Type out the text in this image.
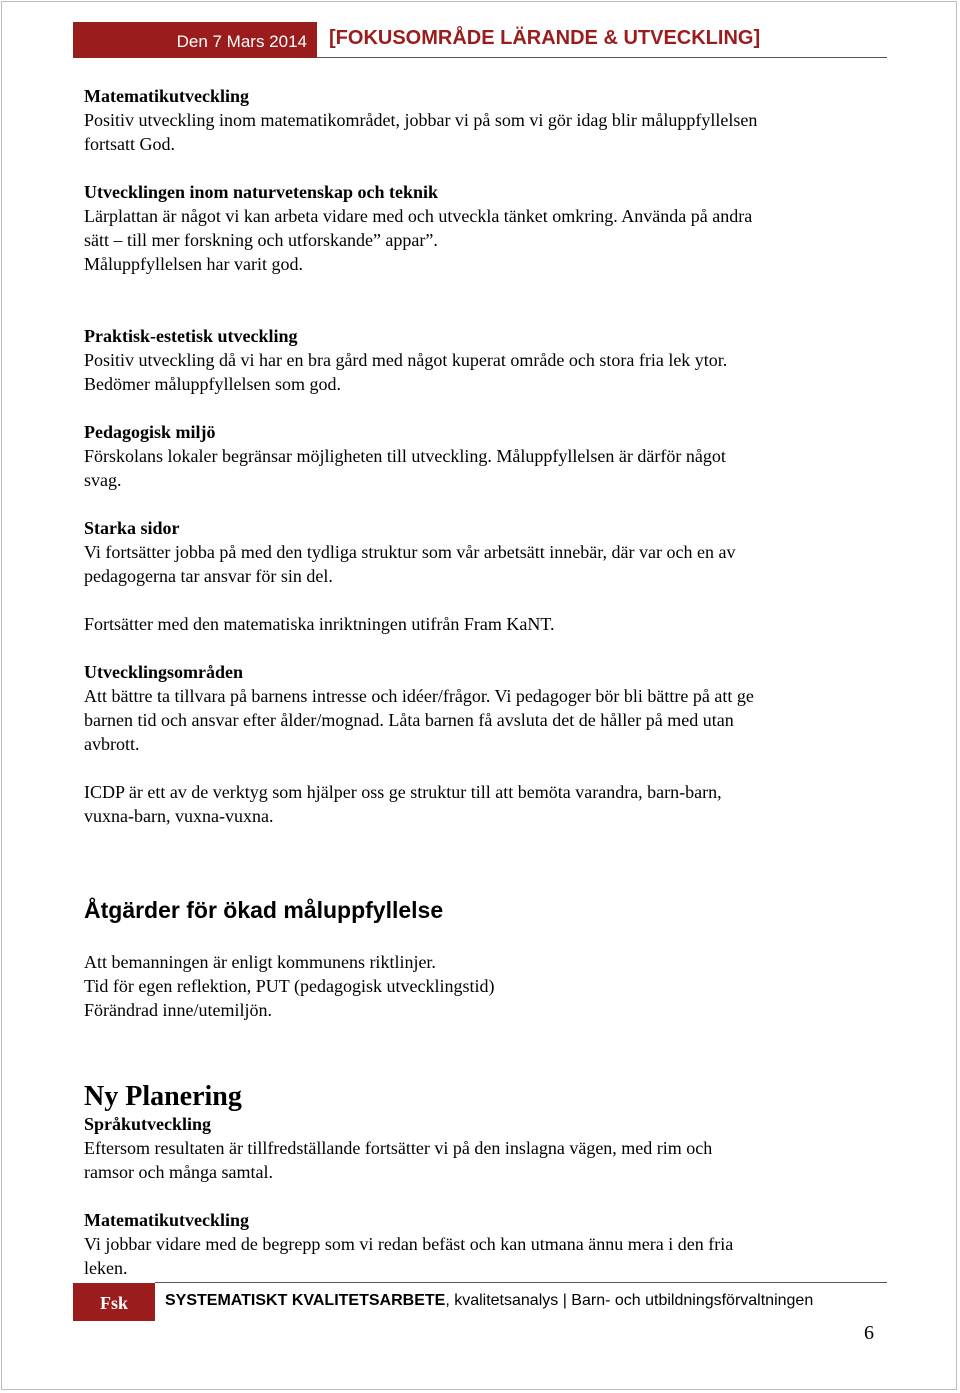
Den 7 Mars 2014	[FOKUSOMRÅDE LÄRANDE & UTVECKLING]

Matematikutveckling

Positiv utveckling inom matematikområdet, jobbar vi på som vi gör idag blir måluppfyllelsen

fortsatt God.

Utvecklingen inom naturvetenskap och teknik

Lärplattan är något vi kan arbeta vidare med och utveckla tänket omkring. Använda på andra

sätt – till mer forskning och utforskande” appar”.

Måluppfyllelsen har varit god.

Praktisk-estetisk utveckling

Positiv utveckling då vi har en bra gård med något kuperat område och stora fria lek ytor.

Bedömer måluppfyllelsen som god.

Pedagogisk miljö

Förskolans lokaler begränsar möjligheten till utveckling. Måluppfyllelsen är därför något

svag.

Starka sidor

Vi fortsätter jobba på med den tydliga struktur som vår arbetsätt innebär, där var och en av

pedagogerna tar ansvar för sin del.

Fortsätter med den matematiska inriktningen utifrån Fram KaNT.

Utvecklingsområden

Att bättre ta tillvara på barnens intresse och idéer/frågor. Vi pedagoger bör bli bättre på att ge

barnen tid och ansvar efter ålder/mognad. Låta barnen få avsluta det de håller på med utan

avbrott.

ICDP är ett av de verktyg som hjälper oss ge struktur till att bemöta varandra, barn-barn,

vuxna-barn, vuxna-vuxna.

Åtgärder för ökad måluppfyllelse

Att bemanningen är enligt kommunens riktlinjer.

Tid för egen reflektion, PUT (pedagogisk utvecklingstid)

Förändrad inne/utemiljön.

Ny Planering

Språkutveckling

Eftersom resultaten är tillfredställande fortsätter vi på den inslagna vägen, med rim och

ramsor och många samtal.

Matematikutveckling

Vi jobbar vidare med de begrepp som vi redan befäst och kan utmana ännu mera i den fria

leken.

Fsk	SYSTEMATISKT KVALITETSARBETE, kvalitetsanalys | Barn- och utbildningsförvaltningen
6
